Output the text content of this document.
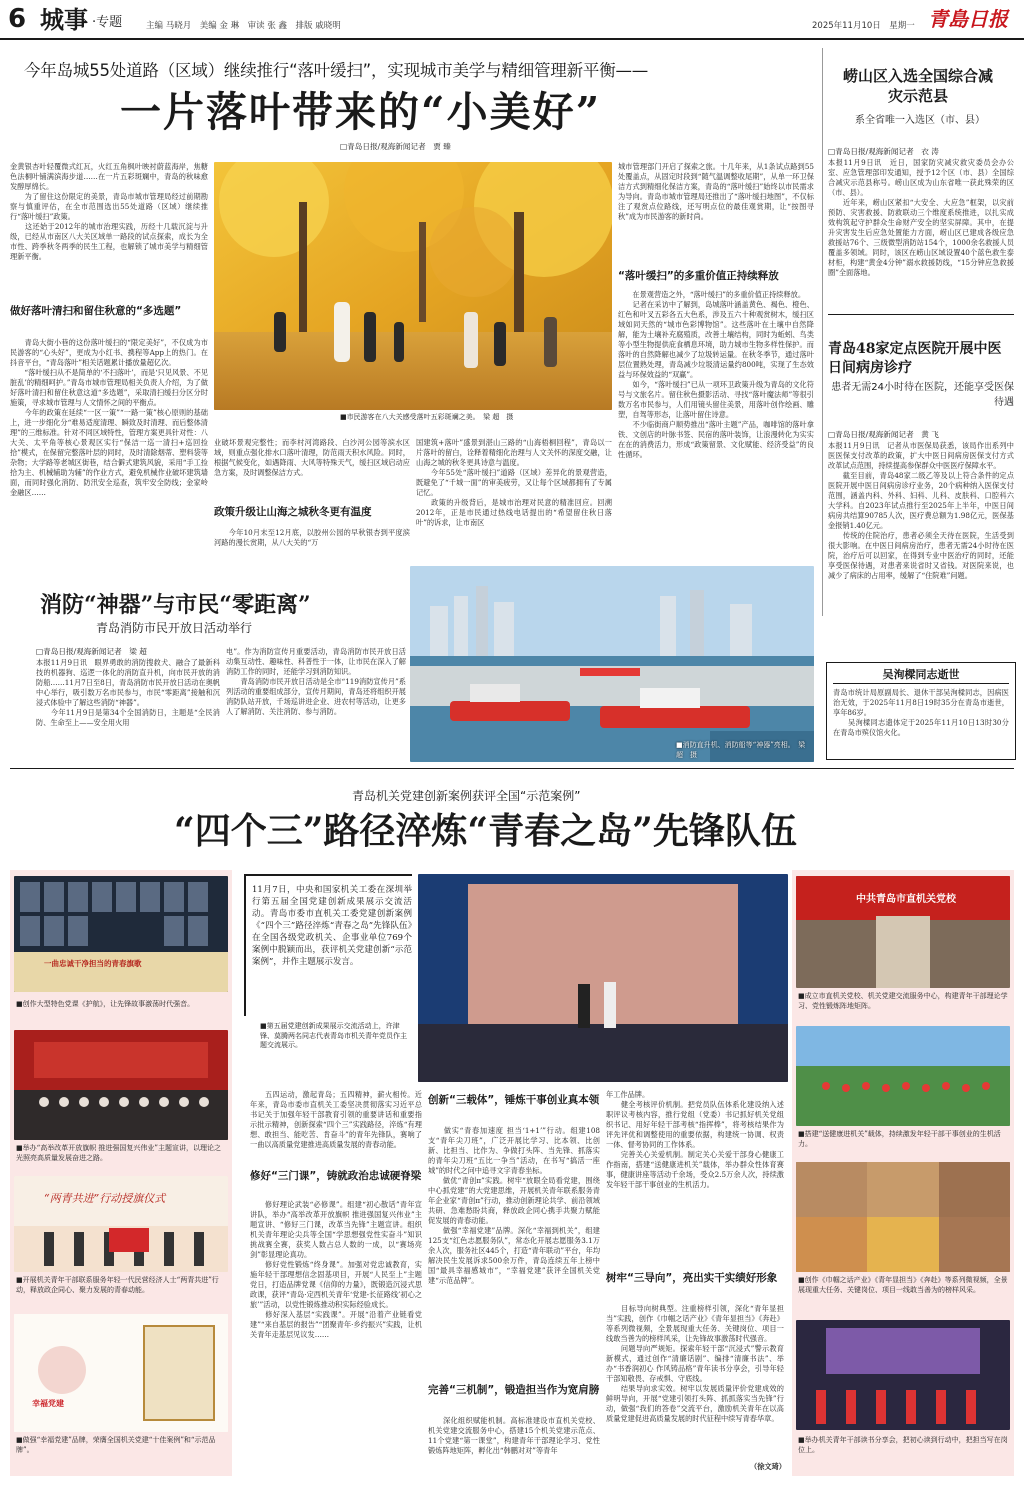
6 城事 ·专题	主编 马晓月　美编 金 琳　审读 张 鑫　排版 戚晓明	2025年11月10日　星期一 青島日报
今年岛城55处道路（区域）继续推行“落叶缓扫”，实现城市美学与精细管理新平衡——
一片落叶带来的“小美好”
□青岛日报/观海新闻记者　贾 臻
金黄银杏叶轻覆微式红瓦，火红五角枫叶映衬蔚蓝海岸，焦糖色法桐叶铺满滨海步道……在一片五彩斑斓中，青岛的秋味愈发醇厚绵长。
　　为了留住这份限定的美景，青岛市城市管理局经过前期勘察与慎重评估，在全市范围选出55处道路（区域）继续推行“落叶缓扫”政策。
　　这还始于2012年的城市治理实践，历经十几载沉淀与升级，已经从市南区八大关区域单一路段的试点探索，成长为全市性、跨季秋冬两季的民生工程，也解锁了城市美学与精细管理新平衡。
做好落叶清扫和留住秋意的“多选题”
　　青岛大街小巷的这份落叶缓扫的“限定美好”，不仅成为市民游客的“心头好”，更成为小红书、携程等App上的热门。在抖音平台，“青岛落叶”相关话题累计播放量超亿次。
　　“落叶缓扫从不是简单的‘不扫落叶’，而是‘只见风景、不见脏乱’的精细呵护。”青岛市城市管理局相关负责人介绍，为了做好落叶清扫和留住秋意这道“多选题”，采取清扫缓扫分区分时施策，寻求城市管理与人文情怀之间的平衡点。
　　今年的政策在延续“一区一策”“一路一策”核心原则的基础上，进一步细化分“难易适度清理、瞬致及时清理、而后整体清理”的三维标准。针对不同区域特性，管理方案更具针对性：八大关、太平角等核心景观区实行“保洁一巡一清扫+巡回捡拾”模式，在保留完整落叶层的同时，及时清除烟蒂、塑料袋等杂物；大学路等老城区街巷，结合僻式建筑风貌，采用“手工捡拾为主、机械辅助为辅”的作业方式，避免机械作业破坏建筑墙面，而同时强化消防、防汛安全巡查，筑牢安全防线；金家岭金融区……
■市民游客在八大关感受落叶五彩斑斓之美。　梁 超　摄
业破坏景观完整性；而李村河湾路段、白沙河公园等滨水区域，则重点强化排水口落叶清理，防范雨天积水风险。同时，根据气候变化，如遇降雨、大风等特殊天气，缓扫区域启动应急方案，及时调整保洁方式。
政策升级让山海之城秋冬更有温度
　　今年10月末至12月底，以胶州公园的早秋银杏到平度滨河路的漫长赏期，从八大关的“万
国建筑+落叶”盛景到湛山三路的“山海梧桐回程”，青岛以一片落叶的留白，诠释着精细化治理与人文关怀的深度交融，让山海之城的秋冬更具诗意与温度。
　　今年55处“落叶缓扫”道路（区域）差异化的景观营造，既避免了“千城一面”的审美疲劳，又让每个区域都拥有了专属记忆。
　　政策的升级背后，是城市治理对民意的精准回应。回溯2012年，正是市民通过热线电话提出的“希望留住秋日落叶”的诉求，让市南区
城市管理部门开启了探索之旅。十几年来，从1条试点路到55处覆盖点，从固定时段到“随气温调整收尾期”，从单一环卫保洁方式到精细化保洁方案，青岛的“落叶缓扫”始终以市民需求为导向。青岛市城市管理局还推出了“落叶缓扫地图”，不仅标注了观赏点位路线，还写明点位的最佳观赏期，让“按图寻秋”成为市民游客的新时尚。
“落叶缓扫”的多重价值正持续释放
　　在景观营造之外，“落叶缓扫”的多重价值正持续释放。
　　记者在采访中了解到，岛城落叶涵盖黄色、褐色、橙色、红色和叶叉五彩各五大色系，涉及五六十种观赏树木，缓扫区域如同天然的“城市色彩博物馆”。这些落叶在土壤中自然降解，能为土壤补充腐殖质，改善土壤结构，同时为蚯蚓、鸟类等小型生物提供庇食栖息环境，助力城市生物多样性保护。而落叶的自然降解也减少了垃圾转运量。在秋冬季节，通过落叶层位置熟处理，青岛减少垃圾清运量约800吨，实现了生态效益与环保效益的“双赢”。
　　如今，“落叶缓扫”已从一项环卫政策升级为青岛的文化符号与文旅名片。留住秋色摄影活动、寻找“落叶魔法师”等很引数万名市民参与，人们用镜头留住美景，用落叶创作绘画、雕塑，自驾等形态，让落叶留住诗意。
　　不少临街商户顺势推出“落叶主题”产品，咖啡馆的落叶拿铁、文创店的叶脉书签、民宿的落叶装饰，让浪漫转化为实实在在的消费活力，形成“政策留景、文化赋能、经济受益”的良性循环。
崂山区入选全国综合减灾示范县
系全省唯一入选区（市、县）
□青岛日报/观海新闻记者　衣 涛
本报11月9日讯　近日，国家防灾减灾救灾委员会办公室、应急管理部印发通知，授予12个区（市、县）全国综合减灾示范县称号。崂山区成为山东省唯一获此殊荣的区（市、县）。
　　近年来，崂山区紧扣“大安全、大应急”框架，以灾前预防、灾害救援、防救联动三个维度系统推进，以扎实成效构筑起守护群众生命财产安全的坚实屏障。其中，在提升灾害发生后应急处置能力方面，崂山区已建成各级应急救援站76个、三级微型消防站154个，1000余名救援人员覆盖多领域。同时，该区在崂山区域设置40个蓝色救生泰材柜，构建“黄金4分钟”溺水救援防线，“15分钟应急救援圈”全面落地。
青岛48家定点医院开展中医日间病房诊疗
患者无需24小时待在医院，还能享受医保待遇
□青岛日报/观海新闻记者　黄 飞
本报11月9日讯　记者从市医保局获悉，该局作出系列中医医保支付改革的政策，扩大中医日间病房医保支付方式改革试点范围，持续提高参保群众中医医疗保障水平。
　　截至目前，青岛48家二级乙等及以上符合条件的定点医院开展中医日间病房诊疗业务，20个病种纳入医保支付范围，涵盖内科、外科、妇科、儿科、皮肤科、口腔科六大学科。自2023年试点推行至2025年上半年，中医日间病房共结算90785人次，医疗费总额为1.98亿元，医保基金报销1.40亿元。
　　传统的住院治疗，患者必须全天待在医院，生活受到很大影响。在中医日间病房治疗，患者无需24小时待在医院，治疗后可以回家，在得到专业中医治疗的同时，还能享受医保待遇，对患者来说省时又省钱。对医院来说，也减少了病床的占用率，缓解了“住院难”问题。
吴洵樑同志逝世
青岛市统计局原副局长、退休干部吴洵樑同志，因病医治无效，于2025年11月8日19时35分在青岛市逝世，享年86岁。
　　吴洵樑同志遗体定于2025年11月10日13时30分在青岛市殡仪馆火化。
消防“神器”与市民“零距离”
青岛消防市民开放日活动举行
□青岛日报/观海新闻记者　梁 超
本报11月9日讯　眼界勇敢的消防搜救犬、融合了最新科技的机器狗、巡逻一体化的消防直升机，向市民开放的消防船……11月7日至8日，青岛消防市民开放日活动在奥帆中心举行，吸引数万名市民参与，市民“零距离”接触和沉浸式体验中了解这些消防“神器”。
　　今年11月9日是第34个全国消防日，主题是“全民消防、生命至上——安全用火用
电”。作为消防宣传月重要活动，青岛消防市民开放日活动集互动性、趣味性、科普性于一体，让市民在深入了解消防工作的同时，还能学习到消防知识。
　　青岛消防市民开放日活动是全市“119消防宣传月”系列活动的重要组成部分，宣传月期间，青岛还将组织开展消防队站开放，千场巡讲进企业、进农村等活动，让更多人了解消防、关注消防、参与消防。
■消防直升机、消防船等“神器”亮相。　梁 超　摄
青岛机关党建创新案例获评全国“示范案例”
“四个三”路径淬炼“青春之岛”先锋队伍
一曲忠诚干净担当的青春旗歌
■创作大型特色党课《护航》，让先锋故事激荡时代强音。
■举办“高举改革开放旗帜 推进强国复兴伟业”主题宣讲，以理论之光照亮高质量发展奋进之路。
“两青共进”行动授旗仪式
■开展机关青年干部联系服务年轻一代民营经济人士“两青共进”行动，释放政企同心、聚力发展的青春动能。
幸福党建
■做强“幸福党建”品牌，荣膺全国机关党建“十佳案例”和“示范品牌”。
11月7日，中央和国家机关工委在深圳举行第五届全国党建创新成果展示交流活动。青岛市委市直机关工委党建创新案例《“四个三”路径淬炼“青春之岛”先锋队伍》在全国各级党政机关、企事业单位769个案例中脱颖而出，获评机关党建创新“示范案例”，并作主题展示发言。
■第五届党建创新成果展示交流活动上，许津锋、莫腾两名同志代表青岛市机关青年党员作主题交流展示。
　　五四运动，激起青岛；五四精神，薪火相传。近年来，青岛市委市直机关工委坚决贯彻落实习近平总书记关于加强年轻干部教育引领的重要讲话和重要指示批示精神，创新探索“四个三”实践路径，淬炼“有理想、敢担当、能吃苦、肯奋斗”的青年先锋队，赛响了一曲以高质量党建推进高质量发展的青春动能。
修好“三门课”，铸就政治忠诚硬脊梁
　　修好理论武装“必修课”。组建“初心散话”青年宣讲队，举办“高举改革开放旗帜 推进强国复兴伟业”主题宣讲、“修好三门课，改革当先锋”主题宣讲。组织机关青年理论尖兵等全国“学思想强党性实奋斗”知识挑战赛全赛，获奖人数占总人数的一成，以“赛场亮剑”彰显理论真功。
　　修好党性锻炼“终身课”。加强对党忠诚教育，实施年轻干部理想信念固基项目，开展“人民至上”主题党日，打造品牌党课《信仰的力量》，既锻造沉浸式思政课，获评“青岛·定西机关青年‘党建-长征路线’初心之旅’”活动，以党性锻炼推动积实际经验成长。
　　修好深入基层“实践课”。开展“沿着产业链看党建”“来自基层的报告”“团聚青年·乡约振兴”实践，让机关青年走基层见议发……
创新“三载体”，锤炼干事创业真本领
　　做实“青春加速度 担当‘1+1’”行动。组建108支“青年尖刀班”，广泛开展比学习、比本领、比创新、比担当、比作为、争做打头阵、当先锋、抓落实的青年尖刀班“五比一争当”活动，在书写“搞活一座城”的时代之问中追寻文字青春坐标。
　　做优“青创π”实践。树牢“放眼全局看党建，围绕中心抓党建”的大党建思维，开展机关青年联系服务青年企业家“青创π”行动，推动创新理论共学、前沿领域共研、急难愁盼共商，释放政企同心携手共聚力赋能促发展的青春动能。
　　做强“幸福党建”品牌。深化“幸福到机关”，组建125支“红色志愿服务队”，常态化开展志愿服务3.1万余人次，服务社区445个，打造“青年联动”平台，年均解决民生发展诉求500余万件，青岛连续五年上榜中国“最具幸福感城市”，“幸福党建”获评全国机关党建“示范品牌”。
完善“三机制”，锻造担当作为宽肩膀
　　深化组织赋能机制。高标准建设市直机关党校、机关党建交流服务中心，搭建15个机关党建示范点、11个党建“第一课堂”，构建青年干部理论学习、党性锻炼阵地矩阵，孵化出“韩鹏对对”等青年
年工作品牌。
　　健全考核评价机制。把党员队伍体系化建设纳入述职评议考核内容，推行党组（党委）书记抓好机关党组织书记、用好年轻干部考核“指挥棒”，将考核结果作为评先评优和调整使用的重要依据，构建统一协调、权责一体、督考协同的工作体系。
　　完善关心关爱机制。制定关心关爱干部身心健康工作指南，搭建“送健康进机关”载体，举办群众性体育赛事，健康讲座等活动千余场，受众2.5万余人次，持续激发年轻干部干事创业的生机活力。
树牢“三导向”，亮出实干实绩好形象
　　目标导向树典型。注重榜样引领，深化“青年显担当”实践，创作《巾帼之话产业》《青年显担当》《奔赴》等系列微视频，全景展现重大任务、关键岗位、项目一线敢当善为的榜样风采，让先锋故事激荡时代强音。
　　问题导向严规矩。探索年轻干部“沉浸式”警示教育新模式，通过创作“清廉话剧”、编排“清廉书法”、举办“书香润初心 作风铸品格”青年读书分享会，引导年轻干部知敬畏、存戒惧、守底线。
　　结果导向求实效。树牢以发展质量评价党建成效的鲜明导向，开展“党建引领打头阵、抓抓落实当先锋”行动，做强“我们的答卷”交流平台，激励机关青年在以高质量党建促进高质量发展的时代征程中续写青春华章。
（徐文琦）
中共青岛市直机关党校
■成立市直机关党校、机关党建交流服务中心，构建青年干部理论学习、党性锻炼阵地矩阵。
■搭建“送健康进机关”载体，持续激发年轻干部干事创业的生机活力。
■创作《巾帼之话产业》《青年显担当》《奔赴》等系列微视频，全景展现重大任务、关键岗位、项目一线敢当善为的榜样风采。
■举办机关青年干部读书分享会，把初心读到行动中，把担当写在岗位上。
